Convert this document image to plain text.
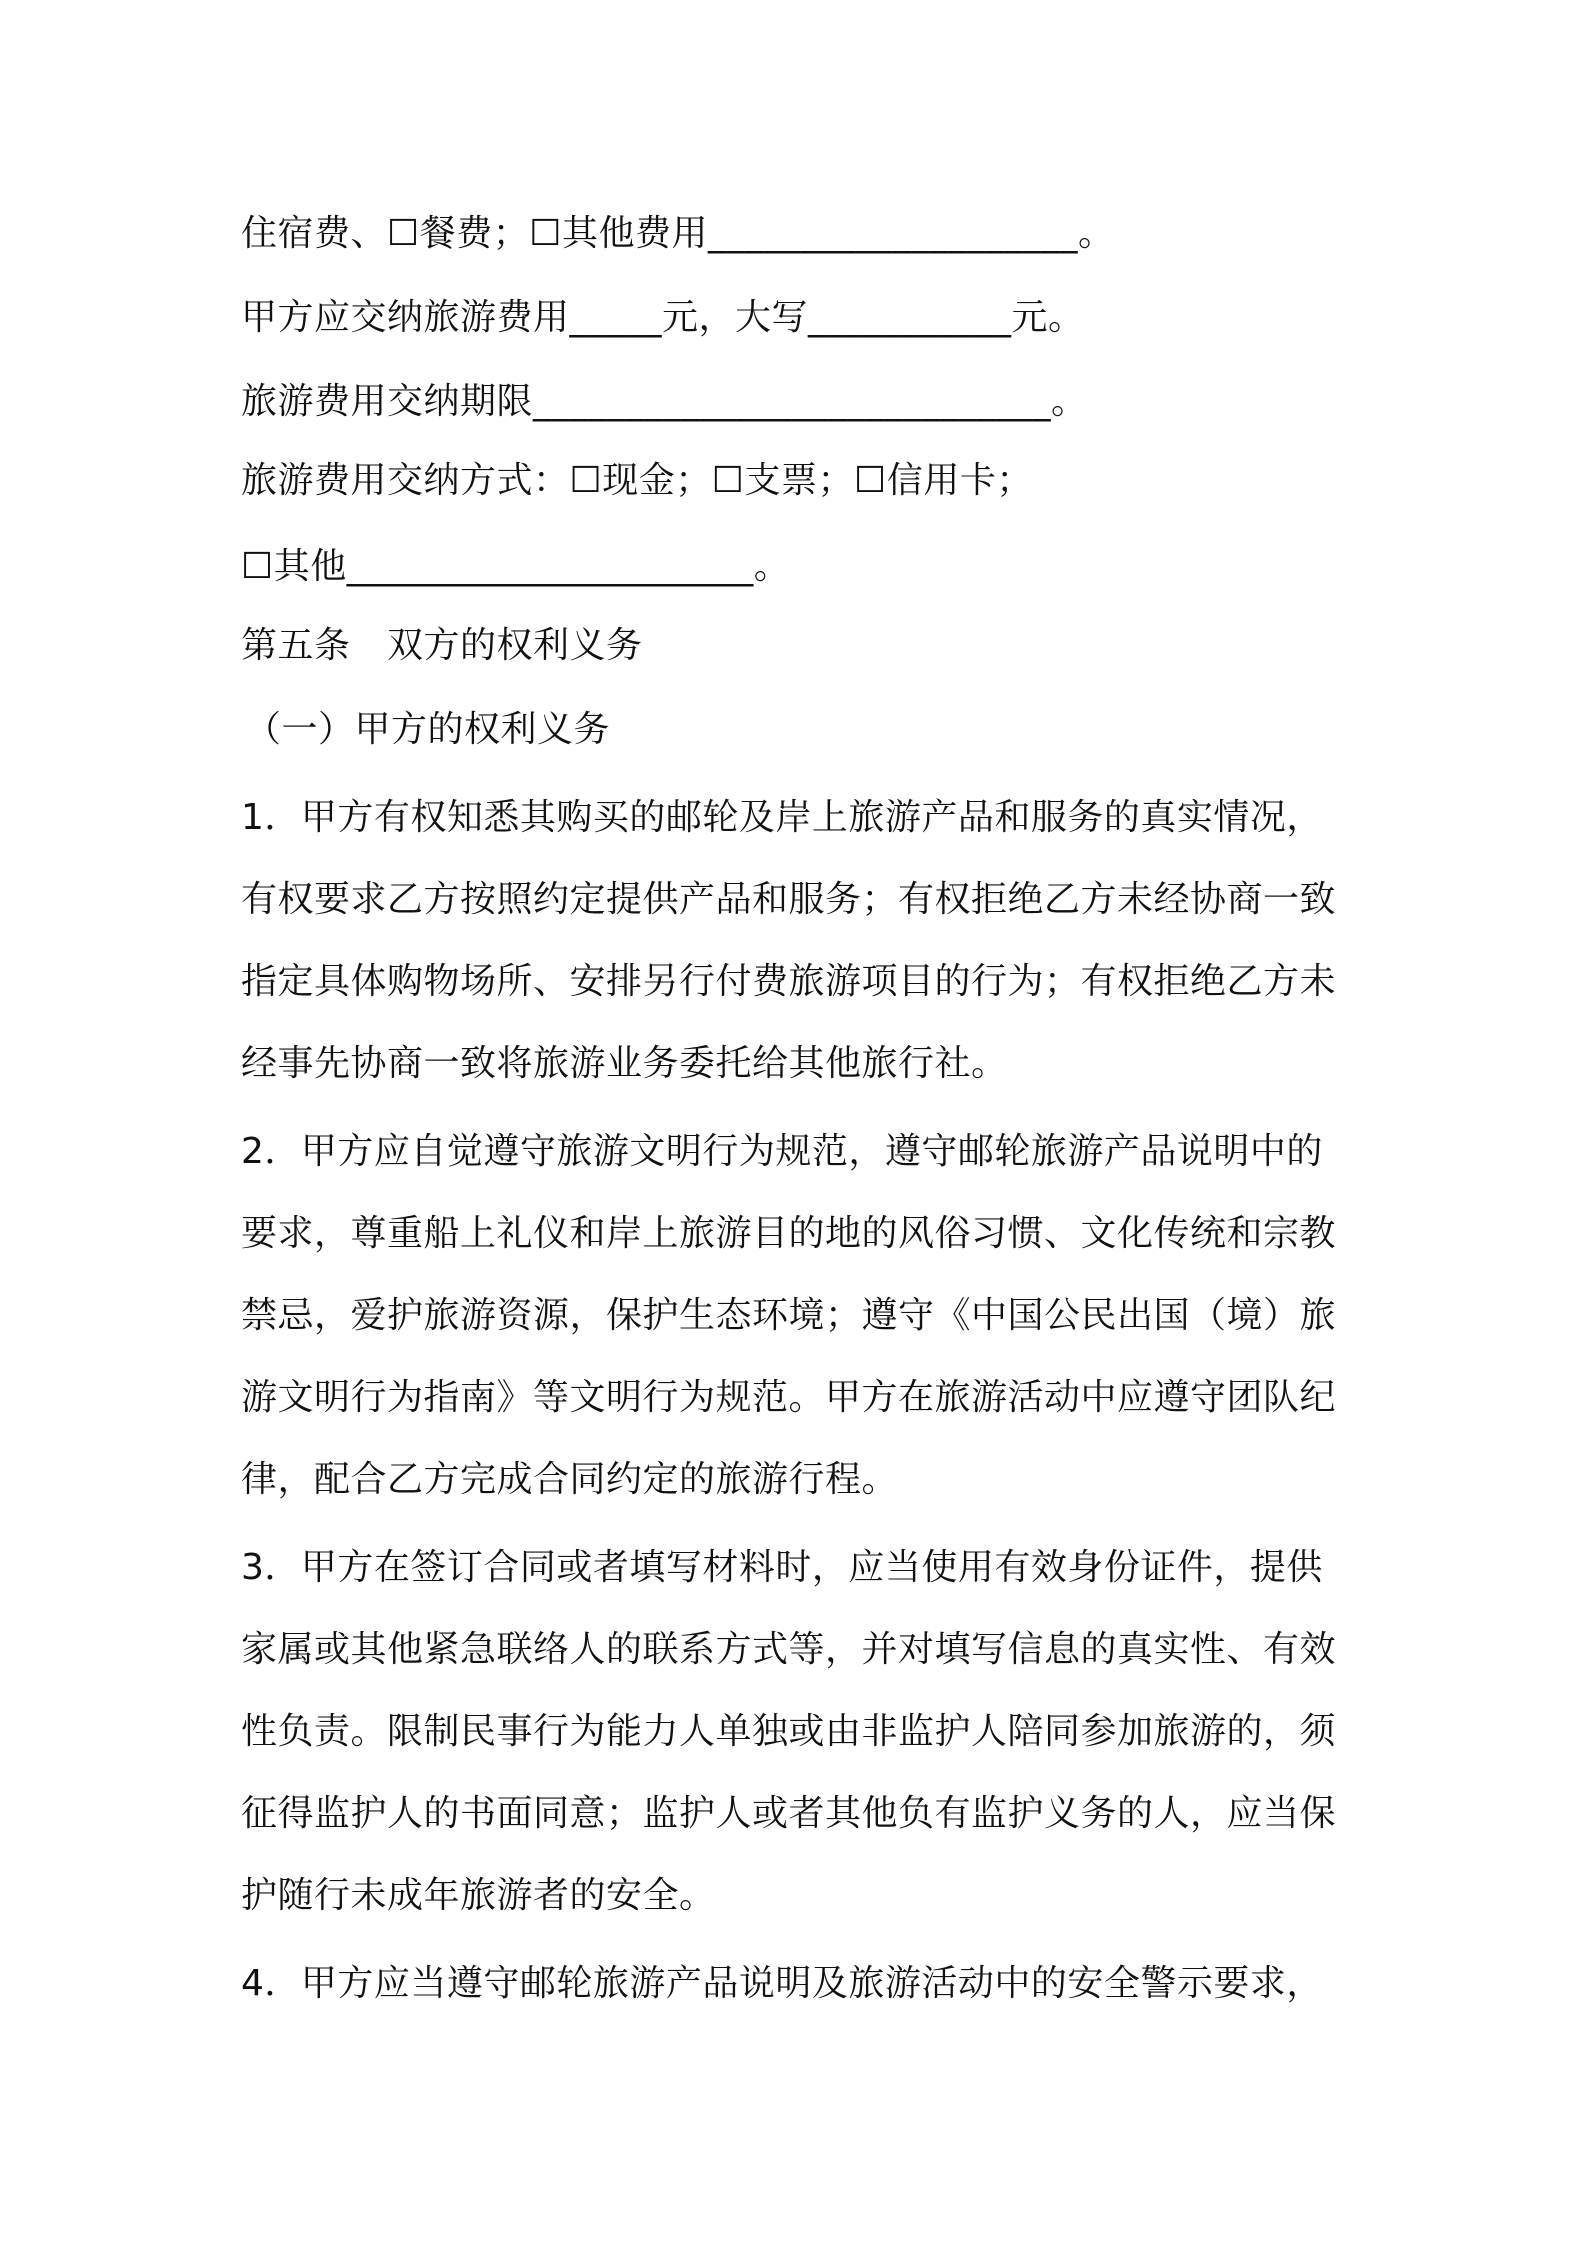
住宿费、☐餐费；☐其他费用____________________。
甲方应交纳旅游费用_____元，大写___________元。
旅游费用交纳期限____________________________。
旅游费用交纳方式：☐现金；☐支票；☐信用卡；
☐其他______________________。
第五条　双方的权利义务
（一）甲方的权利义务
1．甲方有权知悉其购买的邮轮及岸上旅游产品和服务的真实情况，
有权要求乙方按照约定提供产品和服务；有权拒绝乙方未经协商一致
指定具体购物场所、安排另行付费旅游项目的行为；有权拒绝乙方未
经事先协商一致将旅游业务委托给其他旅行社。
2．甲方应自觉遵守旅游文明行为规范，遵守邮轮旅游产品说明中的
要求，尊重船上礼仪和岸上旅游目的地的风俗习惯、文化传统和宗教
禁忌，爱护旅游资源，保护生态环境；遵守《中国公民出国（境）旅
游文明行为指南》等文明行为规范。甲方在旅游活动中应遵守团队纪
律，配合乙方完成合同约定的旅游行程。
3．甲方在签订合同或者填写材料时，应当使用有效身份证件，提供
家属或其他紧急联络人的联系方式等，并对填写信息的真实性、有效
性负责。限制民事行为能力人单独或由非监护人陪同参加旅游的，须
征得监护人的书面同意；监护人或者其他负有监护义务的人，应当保
护随行未成年旅游者的安全。
4．甲方应当遵守邮轮旅游产品说明及旅游活动中的安全警示要求，
